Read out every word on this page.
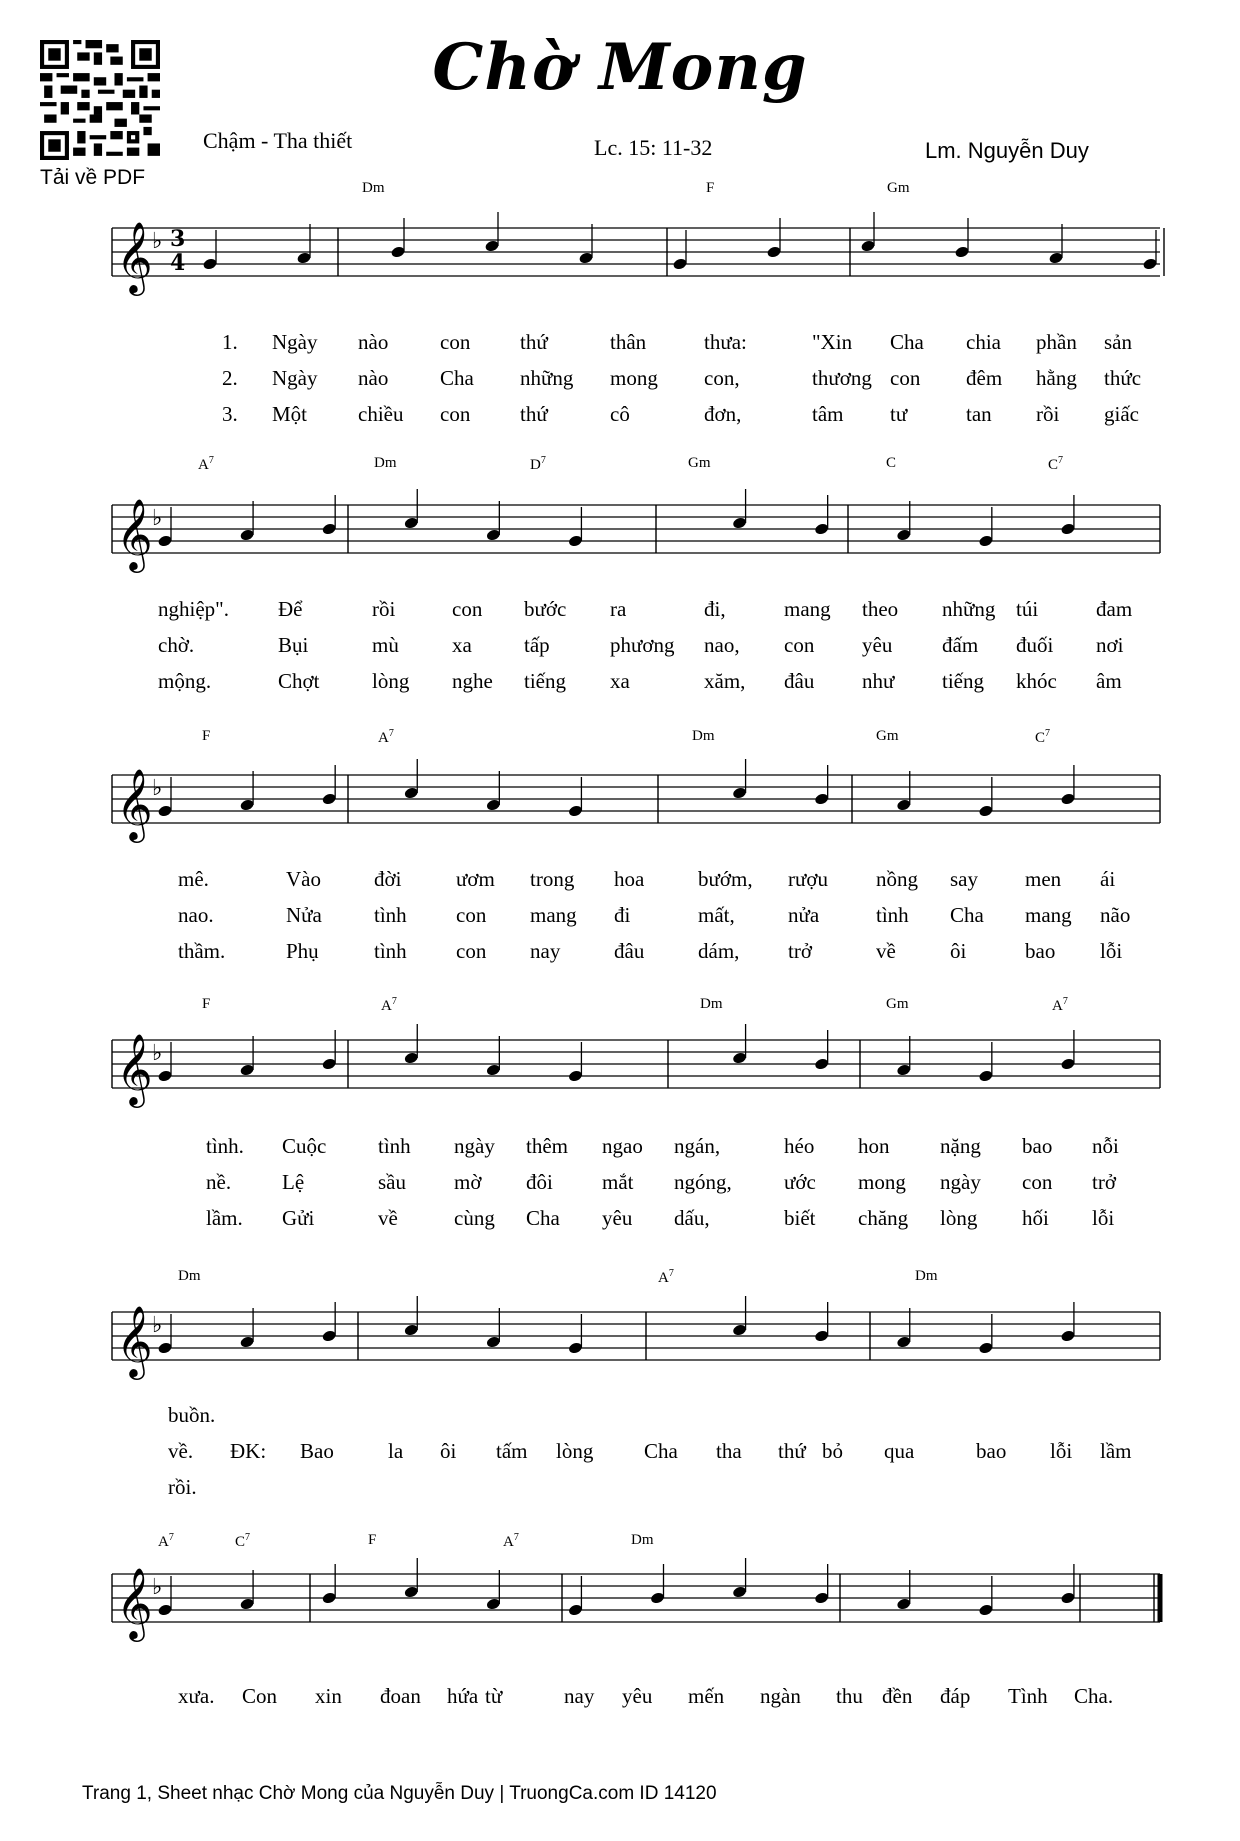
Tải về PDF
Chờ Mong
Chậm - Tha thiết	Lc. 15: 11-32	Lm. Nguyễn Duy
Dm	F	Gm
𝄞 ♭ 3
4
1. Ngày nào con thứ	thân	thưa:	"Xin Cha chia phần sản
2. Ngày nào Cha những mong con,	thương con đêm hằng thức
3. Một chiều con thứ	cô	đơn,	tâm tư	tan rồi giấc
$A^7$	Dm	$D^7$	Gm	C	$C^7$
𝄞 ♭
nghiệp". Để	rồi	con bước ra	đi,	mang theo những túi	đam
chờ.	Bụi	mù	xa tấp	phương nao, con yêu đấm đuối nơi
mộng.	Chợt	lòng nghe tiếng xa	xăm, đâu như tiếng khóc âm
F	$A^7$	Dm	Gm	$C^7$
𝄞 ♭
mê.	Vào	đời	ươm trong hoa	bướm, rượu nồng say men ái
nao.	Nửa tình con mang đi	mất,	nửa	tình Cha mang não
thầm.	Phụ	tình con nay	đâu	dám, trở	về	ôi	bao lỗi
F	$A^7$	Dm	Gm	$A^7$
𝄞 ♭
tình. Cuộc tình ngày thêm ngao ngán,	héo hon nặng bao nỗi
nề. Lệ	sầu mờ đôi mắt ngóng, ước mong ngày con trở
lầm. Gửi	về	cùng Cha yêu dấu,	biết chăng lòng hối lỗi
Dm	$A^7$	Dm
𝄞 ♭
buồn.
về. ĐK: Bao	la ôi tấm lòng Cha tha thứ bỏ qua	bao lỗi lầm
rồi.
$A^7$	$C^7$	F	$A^7$	Dm
𝄞 ♭
xưa. Con xin đoan hứa từ	nay yêu mến ngàn thu đền đáp Tình Cha.
Trang 1, Sheet nhạc Chờ Mong của Nguyễn Duy | TruongCa.com ID 14120
